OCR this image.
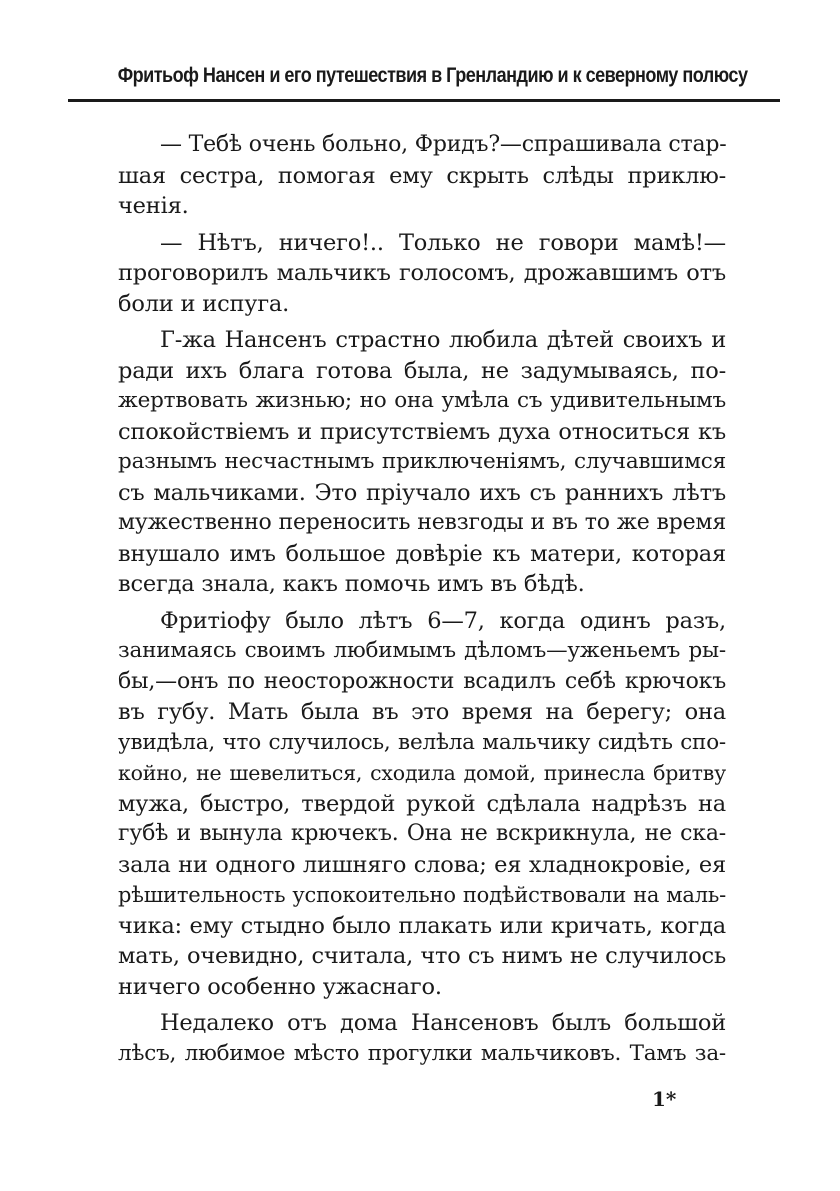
Фритьоф Нансен и его путешествия в Гренландию и к северному полюсу
— Тебѣ очень больно, Фридъ?—спрашивала стар-
шая сестра, помогая ему скрыть слѣды приклю-
ченія.
— Нѣтъ, ничего!.. Только не говори мамѣ!—
проговорилъ мальчикъ голосомъ, дрожавшимъ отъ
боли и испуга.
Г-жа Нансенъ страстно любила дѣтей своихъ и
ради ихъ блага готова была, не задумываясь, по-
жертвовать жизнью; но она умѣла съ удивительнымъ
спокойствіемъ и присутствіемъ духа относиться къ
разнымъ несчастнымъ приключеніямъ, случавшимся
съ мальчиками. Это пріучало ихъ съ раннихъ лѣтъ
мужественно переносить невзгоды и въ то же время
внушало имъ большое довѣріе къ матери, которая
всегда знала, какъ помочь имъ въ бѣдѣ.
Фритіофу было лѣтъ 6—7, когда одинъ разъ,
занимаясь своимъ любимымъ дѣломъ—уженьемъ ры-
бы,—онъ по неосторожности всадилъ себѣ крючокъ
въ губу. Мать была въ это время на берегу; она
увидѣла, что случилось, велѣла мальчику сидѣть спо-
койно, не шевелиться, сходила домой, принесла бритву
мужа, быстро, твердой рукой сдѣлала надрѣзъ на
губѣ и вынула крючекъ. Она не вскрикнула, не ска-
зала ни одного лишняго слова; ея хладнокровіе, ея
рѣшительность успокоительно подѣйствовали на маль-
чика: ему стыдно было плакать или кричать, когда
мать, очевидно, считала, что съ нимъ не случилось
ничего особенно ужаснаго.
Недалеко отъ дома Нансеновъ былъ большой
лѣсъ, любимое мѣсто прогулки мальчиковъ. Тамъ за-
1*
